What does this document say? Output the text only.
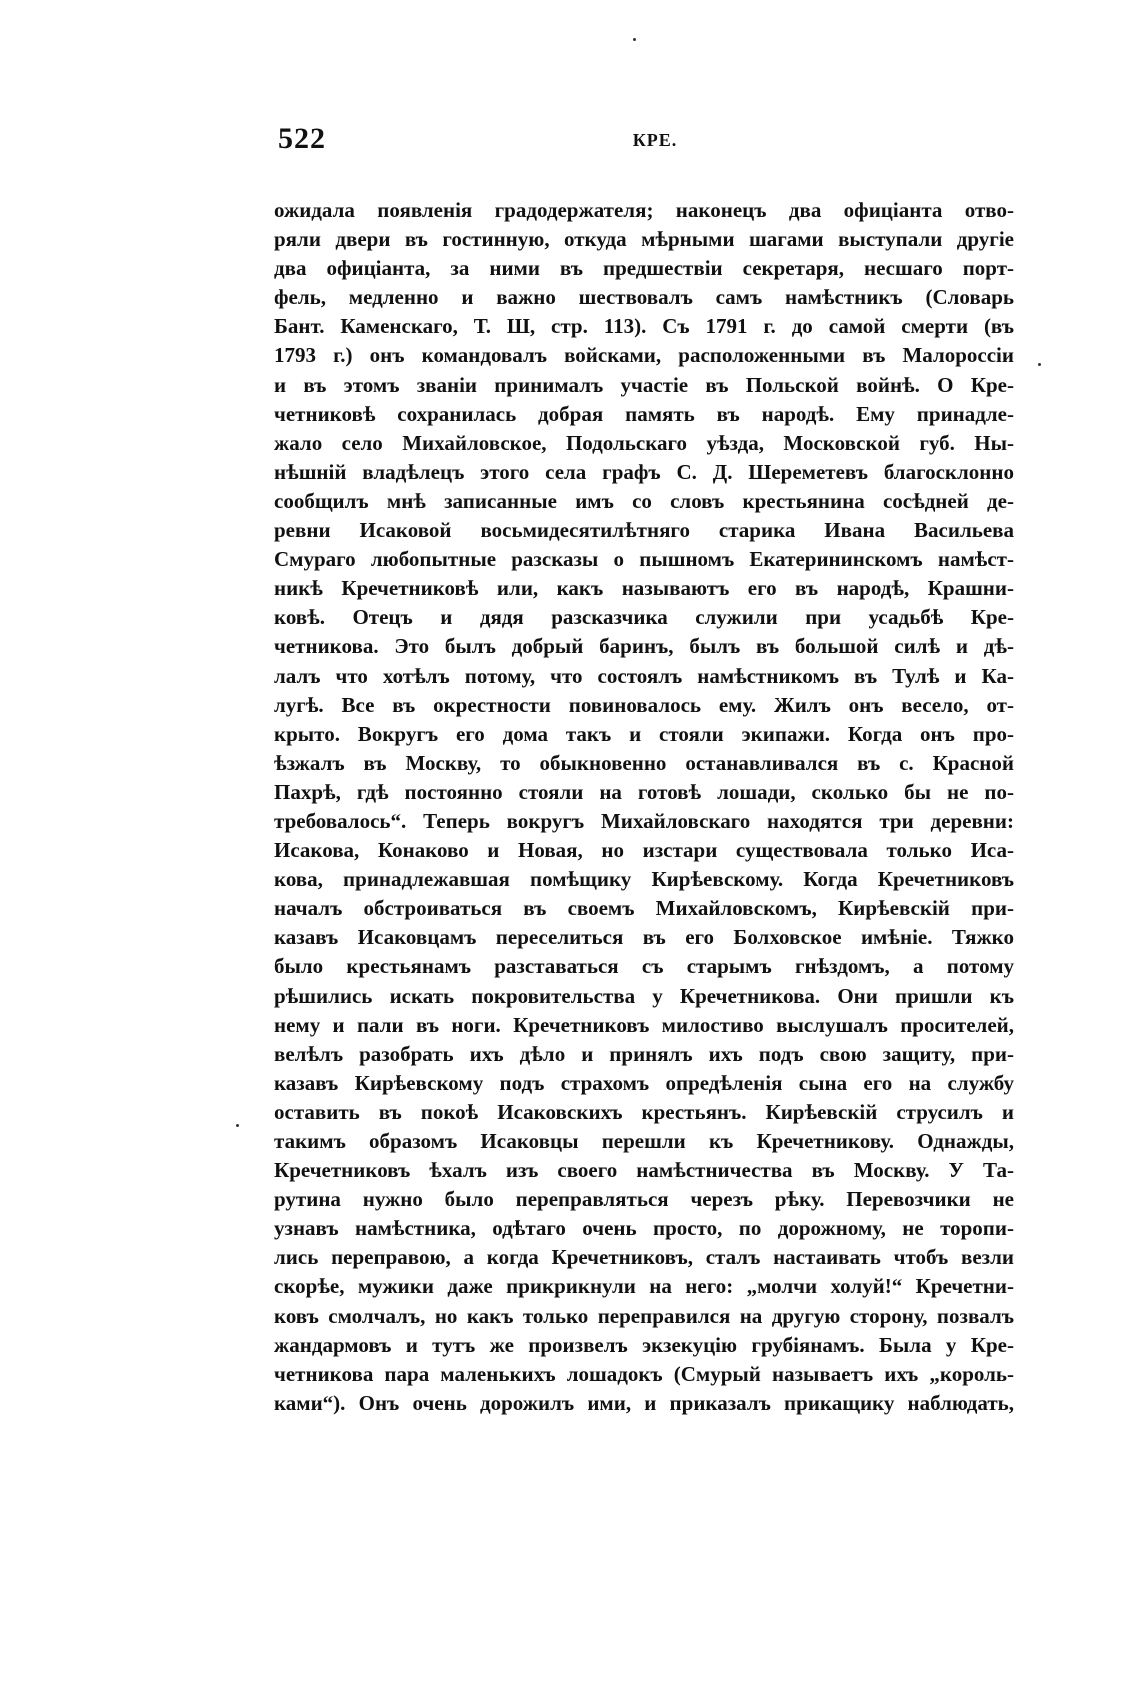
522	КРЕ.
ожидала появленія градодержателя; наконецъ два офиціанта отво-
ряли двери въ гостинную, откуда мѣрными шагами выступали другіе
два офиціанта, за ними въ предшествіи секретаря, несшаго порт-
фель, медленно и важно шествовалъ самъ намѣстникъ (Словарь
Бант. Каменскаго, Т. Ш, стр. 113). Съ 1791 г. до самой смерти (въ
1793 г.) онъ командовалъ войсками, расположенными въ Малороссіи
и въ этомъ званіи принималъ участіе въ Польской войнѣ. О Кре-
четниковѣ сохранилась добрая память въ народѣ. Ему принадле-
жало село Михайловское, Подольскаго уѣзда, Московской губ. Ны-
нѣшній владѣлецъ этого села графъ С. Д. Шереметевъ благосклонно
сообщилъ мнѣ записанные имъ со словъ крестьянина сосѣдней де-
ревни Исаковой восьмидесятилѣтняго старика Ивана Васильева
Смураго любопытные разсказы о пышномъ Екатерининскомъ намѣст-
никѣ Кречетниковѣ или, какъ называютъ его въ народѣ, Крашни-
ковѣ. Отецъ и дядя разсказчика служили при усадьбѣ Кре-
четникова. Это былъ добрый баринъ, былъ въ большой силѣ и дѣ-
лалъ что хотѣлъ потому, что состоялъ намѣстникомъ въ Тулѣ и Ка-
лугѣ. Все въ окрестности повиновалось ему. Жилъ онъ весело, от-
крыто. Вокругъ его дома такъ и стояли экипажи. Когда онъ про-
ѣзжалъ въ Москву, то обыкновенно останавливался въ с. Красной
Пахрѣ, гдѣ постоянно стояли на готовѣ лошади, сколько бы не по-
требовалось“. Теперь вокругъ Михайловскаго находятся три деревни:
Исакова, Конаково и Новая, но изстари существовала только Иса-
кова, принадлежавшая помѣщику Кирѣевскому. Когда Кречетниковъ
началъ обстроиваться въ своемъ Михайловскомъ, Кирѣевскій при-
казавъ Исаковцамъ переселиться въ его Болховское имѣніе. Тяжко
было крестьянамъ разставаться съ старымъ гнѣздомъ, а потому
рѣшились искать покровительства у Кречетникова. Они пришли къ
нему и пали въ ноги. Кречетниковъ милостиво выслушалъ просителей,
велѣлъ разобрать ихъ дѣло и принялъ ихъ подъ свою защиту, при-
казавъ Кирѣевскому подъ страхомъ опредѣленія сына его на службу
оставить въ покоѣ Исаковскихъ крестьянъ. Кирѣевскій струсилъ и
такимъ образомъ Исаковцы перешли къ Кречетникову. Однажды,
Кречетниковъ ѣхалъ изъ своего намѣстничества въ Москву. У Та-
рутина нужно было переправляться черезъ рѣку. Перевозчики не
узнавъ намѣстника, одѣтаго очень просто, по дорожному, не торопи-
лись переправою, а когда Кречетниковъ, сталъ настаивать чтобъ везли
скорѣе, мужики даже прикрикнули на него: „молчи холуй!“ Кречетни-
ковъ смолчалъ, но какъ только переправился на другую сторону, позвалъ
жандармовъ и тутъ же произвелъ экзекуцію грубіянамъ. Была у Кре-
четникова пара маленькихъ лошадокъ (Смурый называетъ ихъ „король-
ками“). Онъ очень дорожилъ ими, и приказалъ прикащику наблюдать,
